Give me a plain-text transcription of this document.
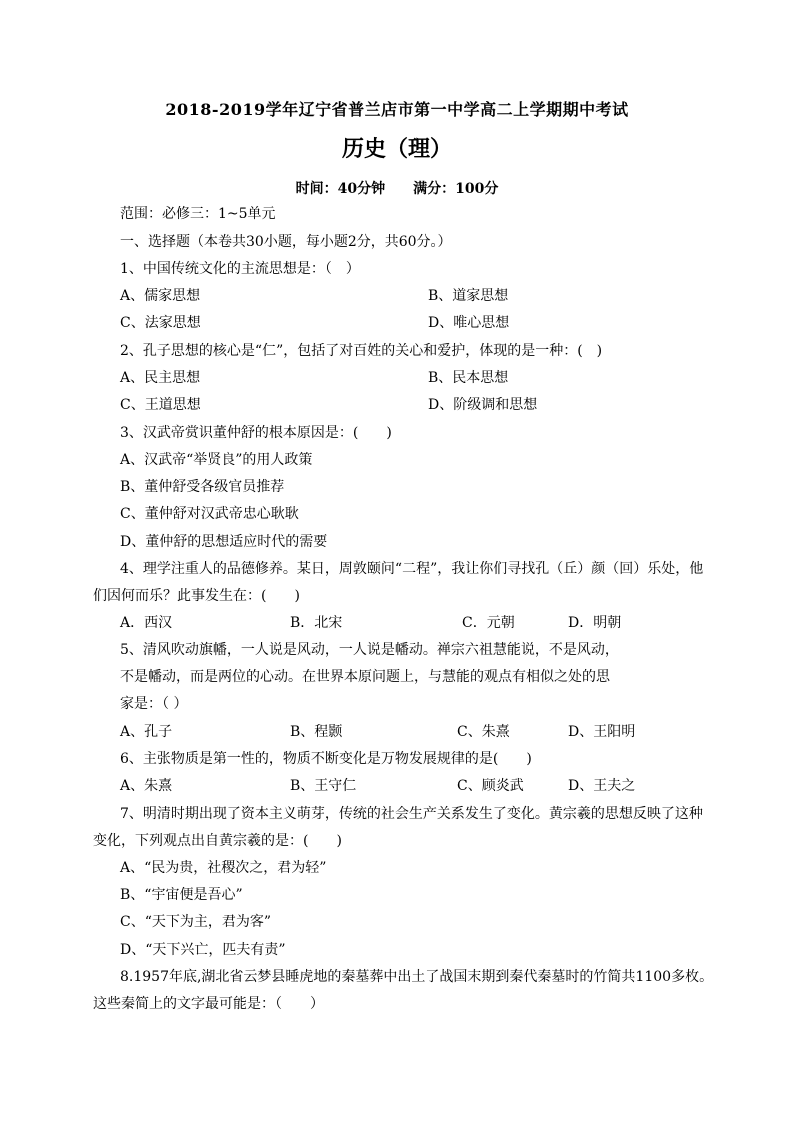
2018-2019学年辽宁省普兰店市第一中学高二上学期期中考试
历史（理）
时间：40分钟 满分：100分
范围：必修三：1~5单元
一、选择题（本卷共30小题，每小题2分，共60分。）
1、中国传统文化的主流思想是：（　）
A、儒家思想	B、道家思想
C、法家思想	D、唯心思想
2、孔子思想的核心是“仁”，包括了对百姓的关心和爱护，体现的是一种：(　)
A、民主思想	B、民本思想
C、王道思想	D、阶级调和思想
3、汉武帝赏识董仲舒的根本原因是：(　　)
A、汉武帝“举贤良”的用人政策
B、董仲舒受各级官员推荐
C、董仲舒对汉武帝忠心耿耿
D、董仲舒的思想适应时代的需要
4、理学注重人的品德修养。某日，周敦颐问“二程”，我让你们寻找孔（丘）颜（回）乐处，他
们因何而乐？此事发生在：(　　)
A．西汉	B．北宋	C．元朝	D．明朝
5、清风吹动旗幡，一人说是风动，一人说是幡动。禅宗六祖慧能说，不是风动，
不是幡动，而是两位的心动。在世界本原问题上，与慧能的观点有相似之处的思
家是：（ ）
A、孔子	B、程颢	C、朱熹	D、王阳明
6、主张物质是第一性的，物质不断变化是万物发展规律的是(　　)
A、朱熹	B、王守仁	C、顾炎武	D、王夫之
7、明清时期出现了资本主义萌芽，传统的社会生产关系发生了变化。黄宗羲的思想反映了这种
变化，下列观点出自黄宗羲的是：(　　)
A、“民为贵，社稷次之，君为轻”
B、“宇宙便是吾心”
C、“天下为主，君为客”
D、“天下兴亡，匹夫有责”
8.1957年底,湖北省云梦县睡虎地的秦墓葬中出土了战国末期到秦代秦墓时的竹简共1100多枚。
这些秦简上的文字最可能是：（　　）
